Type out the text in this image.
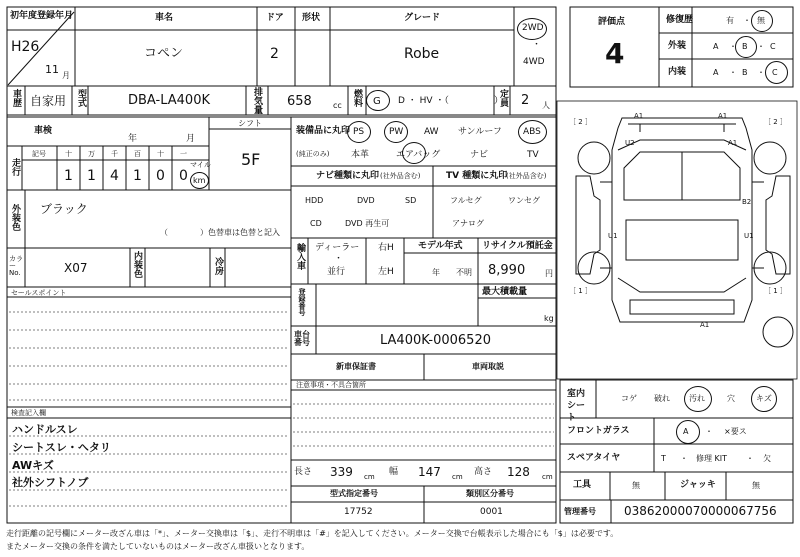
初年度登録年月
H26
11 月
車名
コペン
ドア
2
形状	グレード
Robe
2WD
・
4WD
車歴 自家用 型式	DBA-LA400K	排気量 658	cc 燃料 G D ・ HV ・（　　　　　）
定員 2 人
車検
年	月
シフト
5F
走行
記号	十 万 千 百 十 一
マイル
1 1 4 1 0 0 km
装備品に丸印
(純正のみ)
PS	PW AW サンルーフ ABS
本革	エアバッグ	ナビ	TV
ナビ種類に丸印 (社外品含む)	TV 種類に丸印
(社外品含む)
HDD	DVD	SD
CD	DVD 再生可
フルセグ	ワンセグ
アナログ
外装色 ブラック
（	）色替車は色替と記入
カラーNo.	X07	内装色	冷房	輸入車 ディーラー
・
並行
右H
左H
モデル年式
年 不明
リサイクル預託金
8,990 円
登録番号	最大積載量
kg
車台番号	LA400K-0006520
新車保証書	車両取説
注意事項・不具合箇所
セールスポイント
検査記入欄
ハンドルスレ
シートスレ・ヘタリ
AWキズ
社外シフトノブ
長さ 339 cm 幅 147 cm 高さ 128 cm
型式指定番号
17752
類別区分番号
0001
評価点
4
修復歴	有 ・ 無
外装	A ・ B ・ C
内装	A ・ B ・ C
［ 2 ］	［ 2 ］
［ 1 ］	［ 1 ］
A1	A1
U2	A1
B2
U1	U1
A1
室内シート
コゲ 破れ 汚れ	穴	キズ
フロントガラス	A ・ ×要ス
スペアタイヤ	T ・ 修理 KIT ・ 欠
工具	無	ジャッキ	無
管理番号 03862000070000067756
走行距離の記号欄にメーター改ざん車は「*」、メーター交換車は「$」、走行不明車は「#」を記入してください。メーター交換で台帳表示した場合にも「$」は必要です。
またメーター交換の条件を満たしていないものはメーター改ざん車扱いとなります。
